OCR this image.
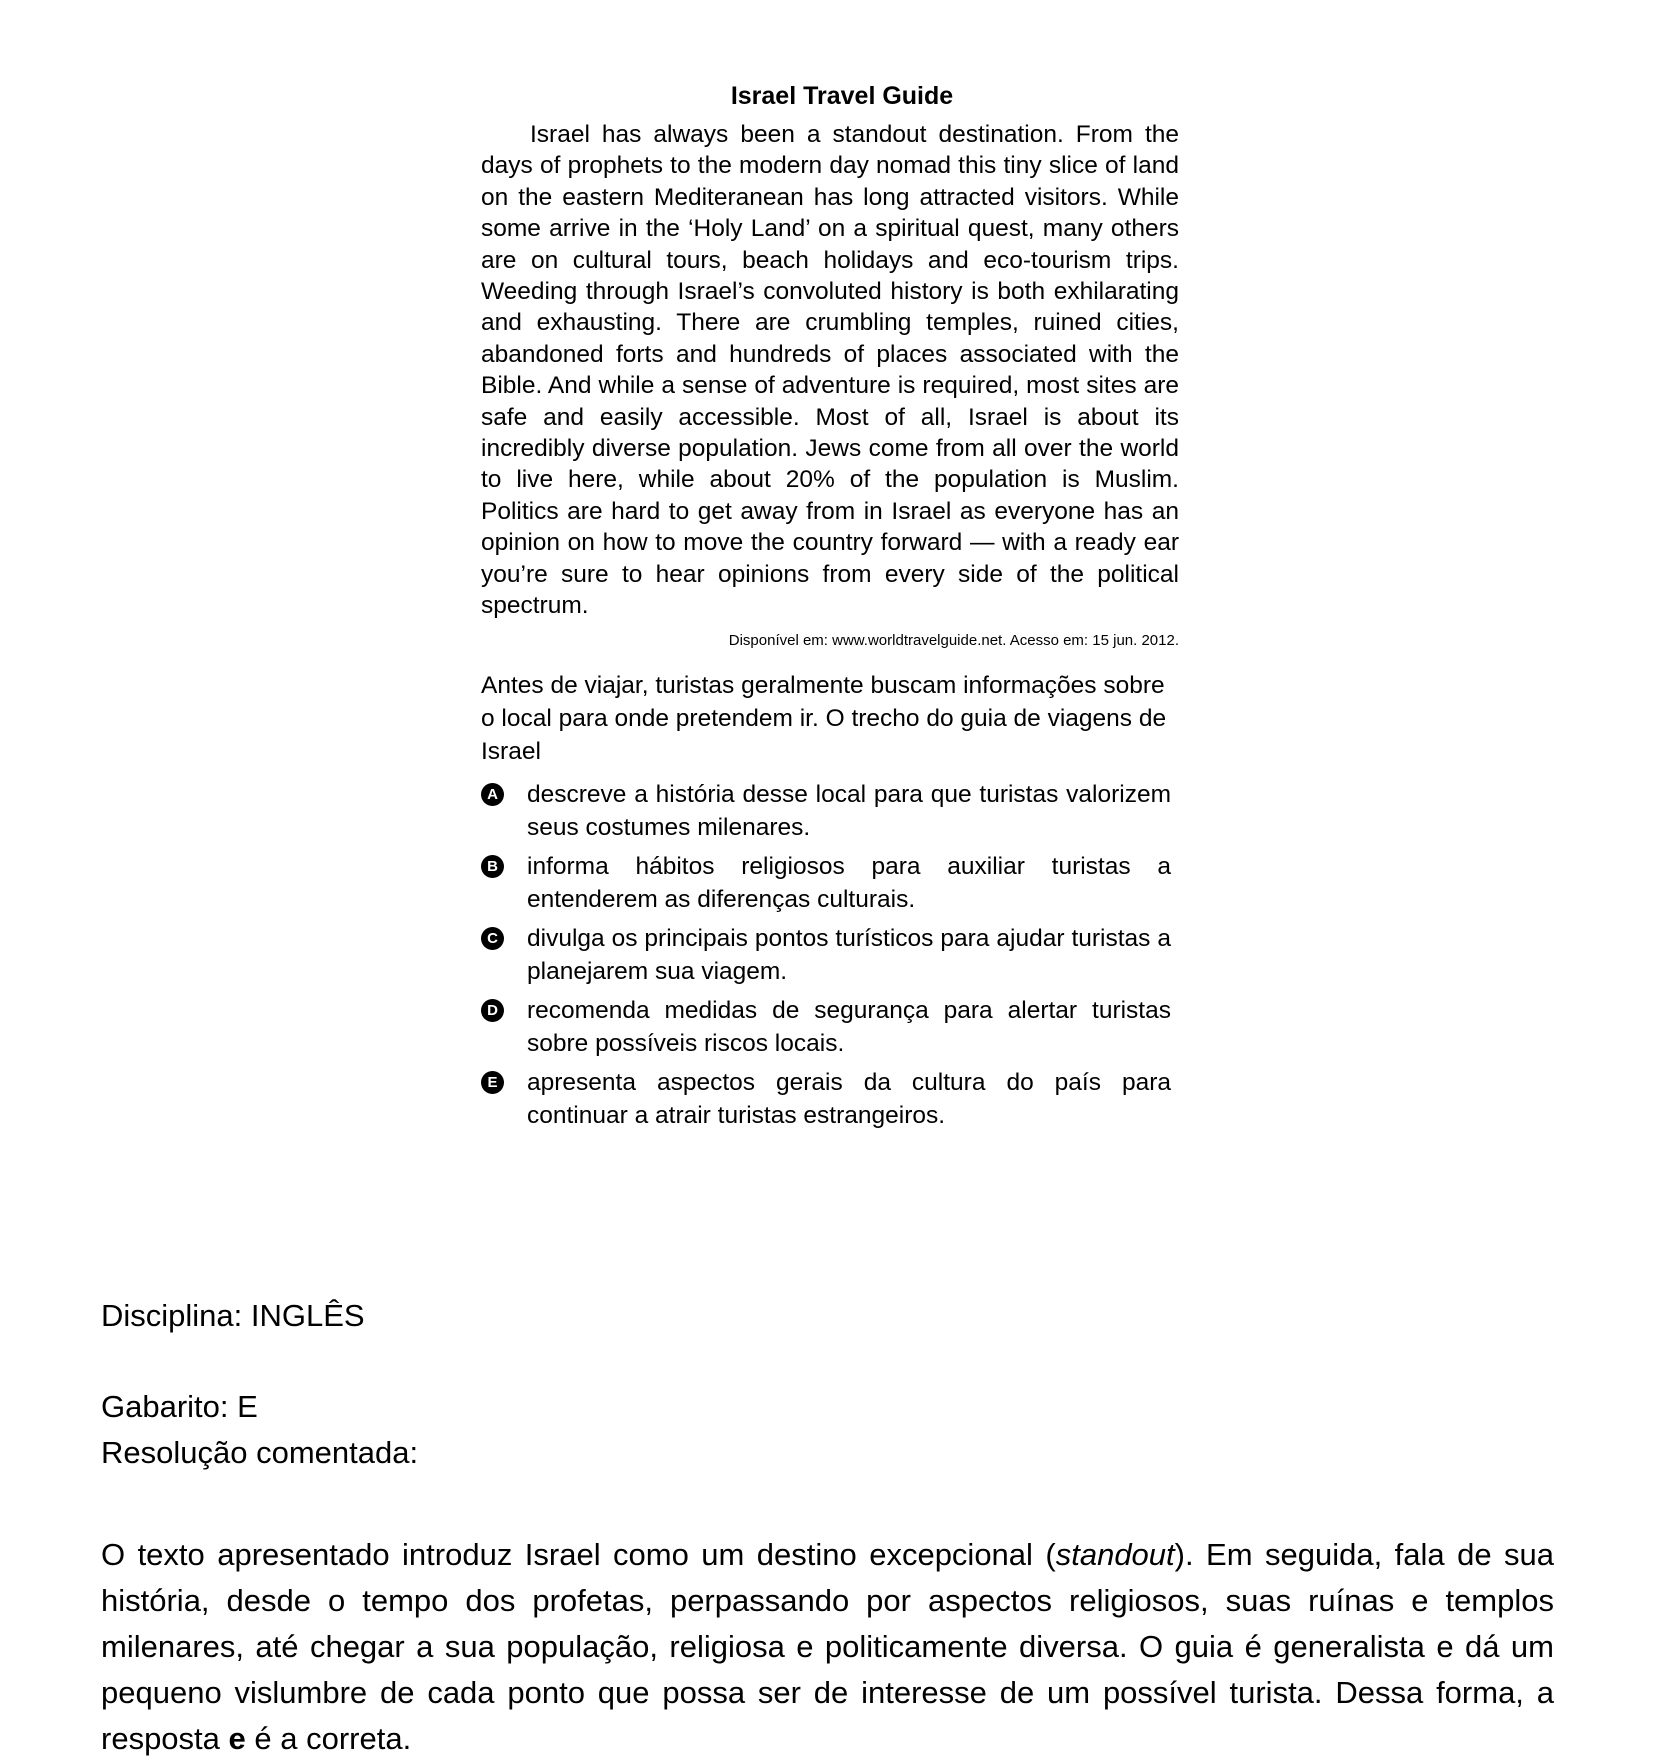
Israel Travel Guide

Israel has always been a standout destination. From the days of prophets to the modern day nomad this tiny slice of land on the eastern Mediteranean has long attracted visitors. While some arrive in the ‘Holy Land’ on a spiritual quest, many others are on cultural tours, beach holidays and eco-tourism trips. Weeding through Israel’s convoluted history is both exhilarating and exhausting. There are crumbling temples, ruined cities, abandoned forts and hundreds of places associated with the Bible. And while a sense of adventure is required, most sites are safe and easily accessible. Most of all, Israel is about its incredibly diverse population. Jews come from all over the world to live here, while about 20% of the population is Muslim. Politics are hard to get away from in Israel as everyone has an opinion on how to move the country forward — with a ready ear you’re sure to hear opinions from every side of the political spectrum.

Disponível em: www.worldtravelguide.net. Acesso em: 15 jun. 2012.
Antes de viajar, turistas geralmente buscam informações sobre o local para onde pretendem ir. O trecho do guia de viagens de Israel
A descreve a história desse local para que turistas valorizem seus costumes milenares.
B informa hábitos religiosos para auxiliar turistas a entenderem as diferenças culturais.
C divulga os principais pontos turísticos para ajudar turistas a planejarem sua viagem.
D recomenda medidas de segurança para alertar turistas sobre possíveis riscos locais.
E apresenta aspectos gerais da cultura do país para continuar a atrair turistas estrangeiros.

Disciplina: INGLÊS

Gabarito: E

Resolução comentada:

O texto apresentado introduz Israel como um destino excepcional (standout). Em seguida, fala de sua história, desde o tempo dos profetas, perpassando por aspectos religiosos, suas ruínas e templos milenares, até chegar a sua população, religiosa e politicamente diversa. O guia é generalista e dá um pequeno vislumbre de cada ponto que possa ser de interesse de um possível turista. Dessa forma, a resposta e é a correta.
